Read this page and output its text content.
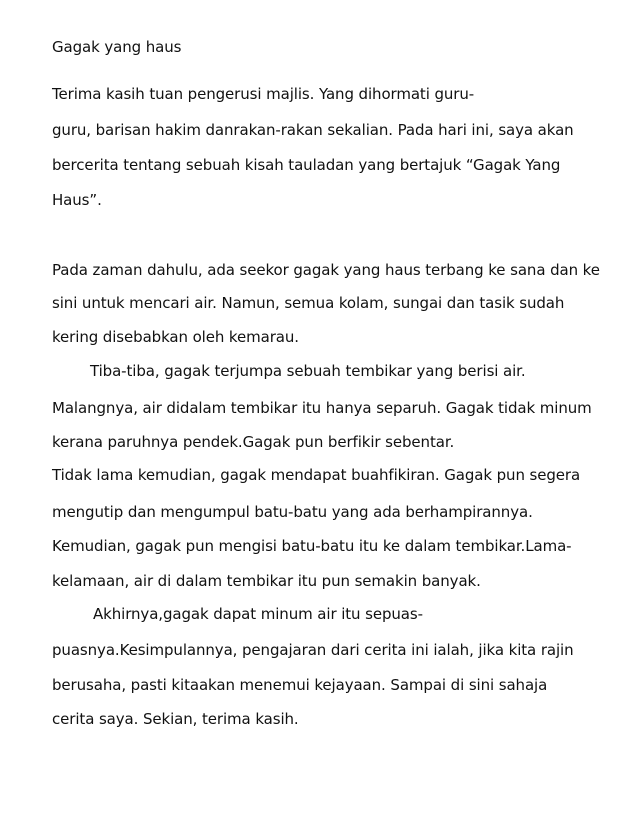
Gagak yang haus
Terima kasih tuan pengerusi majlis. Yang dihormati guru-
guru, barisan hakim danrakan-rakan sekalian. Pada hari ini, saya akan
bercerita tentang sebuah kisah tauladan yang bertajuk “Gagak Yang
Haus”.
Pada zaman dahulu, ada seekor gagak yang haus terbang ke sana dan ke
sini untuk mencari air. Namun, semua kolam, sungai dan tasik sudah
kering disebabkan oleh kemarau.
Tiba-tiba, gagak terjumpa sebuah tembikar yang berisi air.
Malangnya, air didalam tembikar itu hanya separuh. Gagak tidak minum
kerana paruhnya pendek.Gagak pun berfikir sebentar.
Tidak lama kemudian, gagak mendapat buahfikiran. Gagak pun segera
mengutip dan mengumpul batu-batu yang ada berhampirannya.
Kemudian, gagak pun mengisi batu-batu itu ke dalam tembikar.Lama-
kelamaan, air di dalam tembikar itu pun semakin banyak.
Akhirnya,gagak dapat minum air itu sepuas-
puasnya.Kesimpulannya, pengajaran dari cerita ini ialah, jika kita rajin
berusaha, pasti kitaakan menemui kejayaan. Sampai di sini sahaja
cerita saya. Sekian, terima kasih.
